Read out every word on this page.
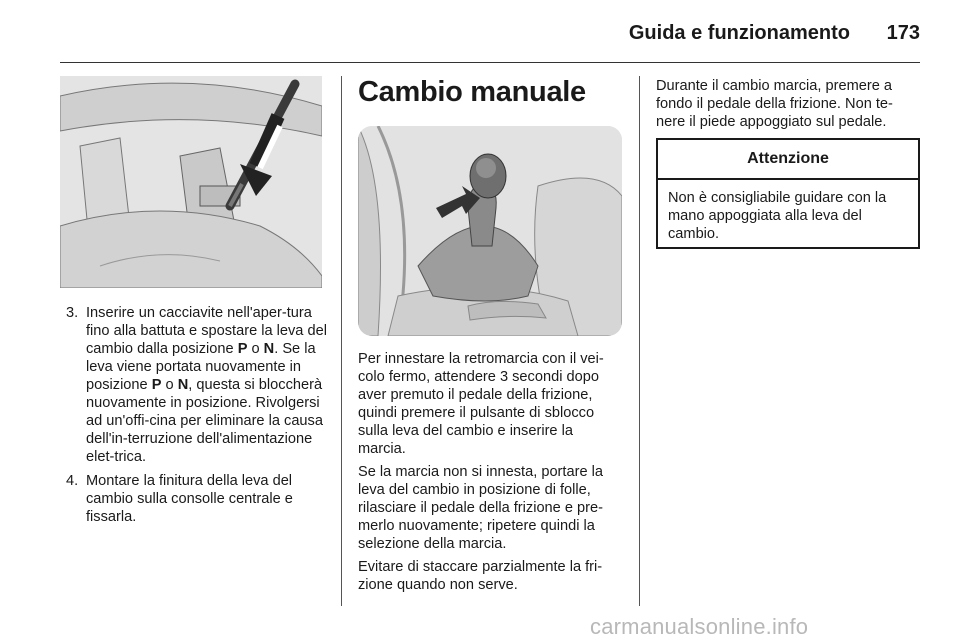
Guida e funzionamento	173
3. Inserire un cacciavite nell'aper-tura fino alla battuta e spostare la leva del cambio dalla posizione P o N. Se la leva viene portata nuovamente in posizione P o N, questa si bloccherà nuovamente in posizione. Rivolgersi ad un'offi-cina per eliminare la causa dell'in-terruzione dell'alimentazione elet-trica.
4. Montare la finitura della leva del cambio sulla consolle centrale e fissarla.
Cambio manuale

Per innestare la retromarcia con il vei-colo fermo, attendere 3 secondi dopo aver premuto il pedale della frizione, quindi premere il pulsante di sblocco sulla leva del cambio e inserire la marcia.

Se la marcia non si innesta, portare la leva del cambio in posizione di folle, rilasciare il pedale della frizione e pre-merlo nuovamente; ripetere quindi la selezione della marcia.

Evitare di staccare parzialmente la fri-zione quando non serve.

Durante il cambio marcia, premere a fondo il pedale della frizione. Non te-nere il piede appoggiato sul pedale.

Attenzione
Non è consigliabile guidare con la mano appoggiata alla leva del cambio.
carmanualsonline.info
